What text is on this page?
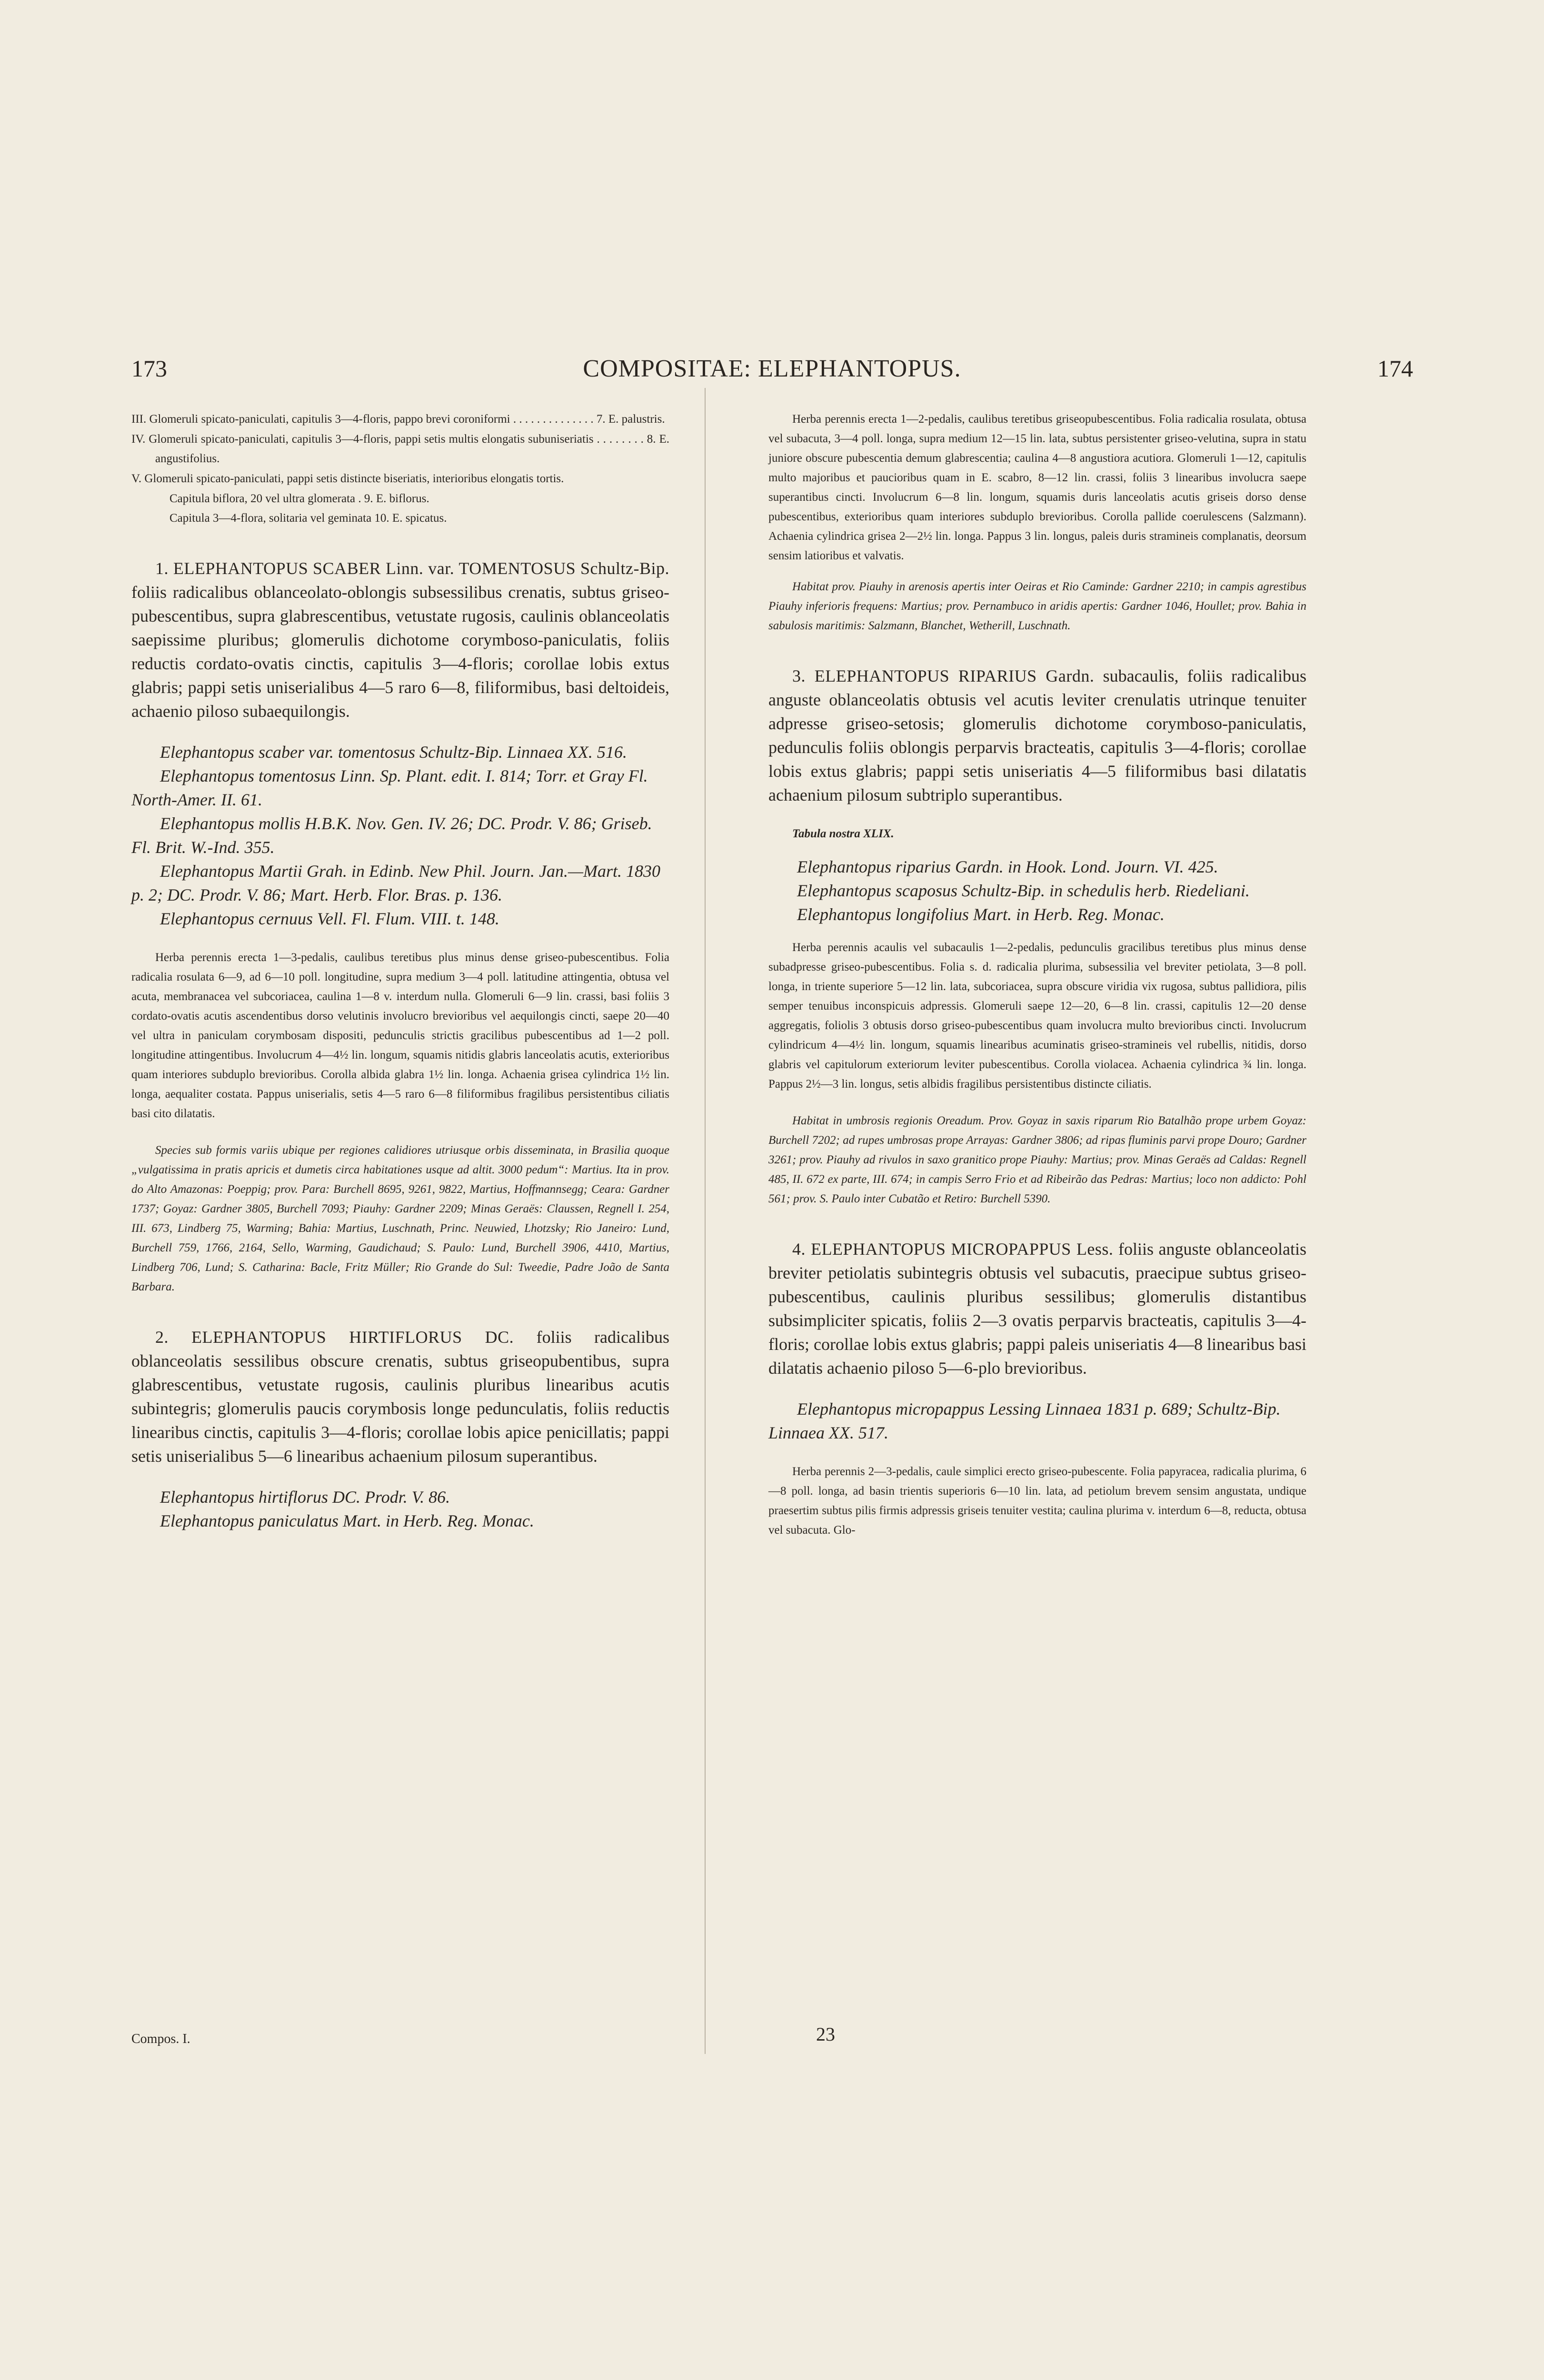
173	COMPOSITAE: ELEPHANTOPUS.	174

III. Glomeruli spicato-paniculati, capitulis 3—4-floris, pappo brevi coroniformi . . . . . . . . . . . . . . 7. E. palustris.

IV. Glomeruli spicato-paniculati, capitulis 3—4-floris, pappi setis multis elongatis subuniseriatis . . . . . . . . 8. E. angustifolius.

V. Glomeruli spicato-paniculati, pappi setis distincte biseriatis, interioribus elongatis tortis.

Capitula biflora, 20 vel ultra glomerata . 9. E. biflorus.

Capitula 3—4-flora, solitaria vel geminata 10. E. spicatus.

1. ELEPHANTOPUS SCABER Linn. var. TOMENTOSUS Schultz-Bip. foliis radicalibus oblanceolato-oblongis subsessilibus crenatis, subtus griseo-pubescentibus, supra glabrescentibus, vetustate rugosis, caulinis oblanceolatis saepissime pluribus; glomerulis dichotome corymboso-paniculatis, foliis reductis cordato-ovatis cinctis, capitulis 3—4-floris; corollae lobis extus glabris; pappi setis uniserialibus 4—5 raro 6—8, filiformibus, basi deltoideis, achaenio piloso subaequilongis.

Elephantopus scaber var. tomentosus Schultz-Bip. Linnaea XX. 516.

Elephantopus tomentosus Linn. Sp. Plant. edit. I. 814; Torr. et Gray Fl. North-Amer. II. 61.

Elephantopus mollis H.B.K. Nov. Gen. IV. 26; DC. Prodr. V. 86; Griseb. Fl. Brit. W.-Ind. 355.

Elephantopus Martii Grah. in Edinb. New Phil. Journ. Jan.—Mart. 1830 p. 2; DC. Prodr. V. 86; Mart. Herb. Flor. Bras. p. 136.

Elephantopus cernuus Vell. Fl. Flum. VIII. t. 148.

Herba perennis erecta 1—3-pedalis, caulibus teretibus plus minus dense griseo-pubescentibus. Folia radicalia rosulata 6—9, ad 6—10 poll. longitudine, supra medium 3—4 poll. latitudine attingentia, obtusa vel acuta, membranacea vel subcoriacea, caulina 1—8 v. interdum nulla. Glomeruli 6—9 lin. crassi, basi foliis 3 cordato-ovatis acutis ascendentibus dorso velutinis involucro brevioribus vel aequilongis cincti, saepe 20—40 vel ultra in paniculam corymbosam dispositi, pedunculis strictis gracilibus pubescentibus ad 1—2 poll. longitudine attingentibus. Involucrum 4—4½ lin. longum, squamis nitidis glabris lanceolatis acutis, exterioribus quam interiores subduplo brevioribus. Corolla albida glabra 1½ lin. longa. Achaenia grisea cylindrica 1½ lin. longa, aequaliter costata. Pappus uniserialis, setis 4—5 raro 6—8 filiformibus fragilibus persistentibus ciliatis basi cito dilatatis.

Species sub formis variis ubique per regiones calidiores utriusque orbis disseminata, in Brasilia quoque „vulgatissima in pratis apricis et dumetis circa habitationes usque ad altit. 3000 pedum“: Martius. Ita in prov. do Alto Amazonas: Poeppig; prov. Para: Burchell 8695, 9261, 9822, Martius, Hoffmannsegg; Ceara: Gardner 1737; Goyaz: Gardner 3805, Burchell 7093; Piauhy: Gardner 2209; Minas Geraës: Claussen, Regnell I. 254, III. 673, Lindberg 75, Warming; Bahia: Martius, Luschnath, Princ. Neuwied, Lhotzsky; Rio Janeiro: Lund, Burchell 759, 1766, 2164, Sello, Warming, Gaudichaud; S. Paulo: Lund, Burchell 3906, 4410, Martius, Lindberg 706, Lund; S. Catharina: Bacle, Fritz Müller; Rio Grande do Sul: Tweedie, Padre João de Santa Barbara.

2. ELEPHANTOPUS HIRTIFLORUS DC. foliis radicalibus oblanceolatis sessilibus obscure crenatis, subtus griseopubentibus, supra glabrescentibus, vetustate rugosis, caulinis pluribus linearibus acutis subintegris; glomerulis paucis corymbosis longe pedunculatis, foliis reductis linearibus cinctis, capitulis 3—4-floris; corollae lobis apice penicillatis; pappi setis uniserialibus 5—6 linearibus achaenium pilosum superantibus.

Elephantopus hirtiflorus DC. Prodr. V. 86.

Elephantopus paniculatus Mart. in Herb. Reg. Monac.

Compos. I.

Herba perennis erecta 1—2-pedalis, caulibus teretibus griseopubescentibus. Folia radicalia rosulata, obtusa vel subacuta, 3—4 poll. longa, supra medium 12—15 lin. lata, subtus persistenter griseo-velutina, supra in statu juniore obscure pubescentia demum glabrescentia; caulina 4—8 angustiora acutiora. Glomeruli 1—12, capitulis multo majoribus et paucioribus quam in E. scabro, 8—12 lin. crassi, foliis 3 linearibus involucra saepe superantibus cincti. Involucrum 6—8 lin. longum, squamis duris lanceolatis acutis griseis dorso dense pubescentibus, exterioribus quam interiores subduplo brevioribus. Corolla pallide coerulescens (Salzmann). Achaenia cylindrica grisea 2—2½ lin. longa. Pappus 3 lin. longus, paleis duris stramineis complanatis, deorsum sensim latioribus et valvatis.

Habitat prov. Piauhy in arenosis apertis inter Oeiras et Rio Caminde: Gardner 2210; in campis agrestibus Piauhy inferioris frequens: Martius; prov. Pernambuco in aridis apertis: Gardner 1046, Houllet; prov. Bahia in sabulosis maritimis: Salzmann, Blanchet, Wetherill, Luschnath.

3. ELEPHANTOPUS RIPARIUS Gardn. subacaulis, foliis radicalibus anguste oblanceolatis obtusis vel acutis leviter crenulatis utrinque tenuiter adpresse griseo-setosis; glomerulis dichotome corymboso-paniculatis, pedunculis foliis oblongis perparvis bracteatis, capitulis 3—4-floris; corollae lobis extus glabris; pappi setis uniseriatis 4—5 filiformibus basi dilatatis achaenium pilosum subtriplo superantibus.

Tabula nostra XLIX.

Elephantopus riparius Gardn. in Hook. Lond. Journ. VI. 425.

Elephantopus scaposus Schultz-Bip. in schedulis herb. Riedeliani.

Elephantopus longifolius Mart. in Herb. Reg. Monac.

Herba perennis acaulis vel subacaulis 1—2-pedalis, pedunculis gracilibus teretibus plus minus dense subadpresse griseo-pubescentibus. Folia s. d. radicalia plurima, subsessilia vel breviter petiolata, 3—8 poll. longa, in triente superiore 5—12 lin. lata, subcoriacea, supra obscure viridia vix rugosa, subtus pallidiora, pilis semper tenuibus inconspicuis adpressis. Glomeruli saepe 12—20, 6—8 lin. crassi, capitulis 12—20 dense aggregatis, foliolis 3 obtusis dorso griseo-pubescentibus quam involucra multo brevioribus cincti. Involucrum cylindricum 4—4½ lin. longum, squamis linearibus acuminatis griseo-stramineis vel rubellis, nitidis, dorso glabris vel capitulorum exteriorum leviter pubescentibus. Corolla violacea. Achaenia cylindrica ¾ lin. longa. Pappus 2½—3 lin. longus, setis albidis fragilibus persistentibus distincte ciliatis.

Habitat in umbrosis regionis Oreadum. Prov. Goyaz in saxis riparum Rio Batalhão prope urbem Goyaz: Burchell 7202; ad rupes umbrosas prope Arrayas: Gardner 3806; ad ripas fluminis parvi prope Douro; Gardner 3261; prov. Piauhy ad rivulos in saxo granitico prope Piauhy: Martius; prov. Minas Geraës ad Caldas: Regnell 485, II. 672 ex parte, III. 674; in campis Serro Frio et ad Ribeirão das Pedras: Martius; loco non addicto: Pohl 561; prov. S. Paulo inter Cubatão et Retiro: Burchell 5390.

4. ELEPHANTOPUS MICROPAPPUS Less. foliis anguste oblanceolatis breviter petiolatis subintegris obtusis vel subacutis, praecipue subtus griseo-pubescentibus, caulinis pluribus sessilibus; glomerulis distantibus subsimpliciter spicatis, foliis 2—3 ovatis perparvis bracteatis, capitulis 3—4-floris; corollae lobis extus glabris; pappi paleis uniseriatis 4—8 linearibus basi dilatatis achaenio piloso 5—6-plo brevioribus.

Elephantopus micropappus Lessing Linnaea 1831 p. 689; Schultz-Bip. Linnaea XX. 517.

Herba perennis 2—3-pedalis, caule simplici erecto griseo-pubescente. Folia papyracea, radicalia plurima, 6—8 poll. longa, ad basin trientis superioris 6—10 lin. lata, ad petiolum brevem sensim angustata, undique praesertim subtus pilis firmis adpressis griseis tenuiter vestita; caulina plurima v. interdum 6—8, reducta, obtusa vel subacuta. Glo-

23
